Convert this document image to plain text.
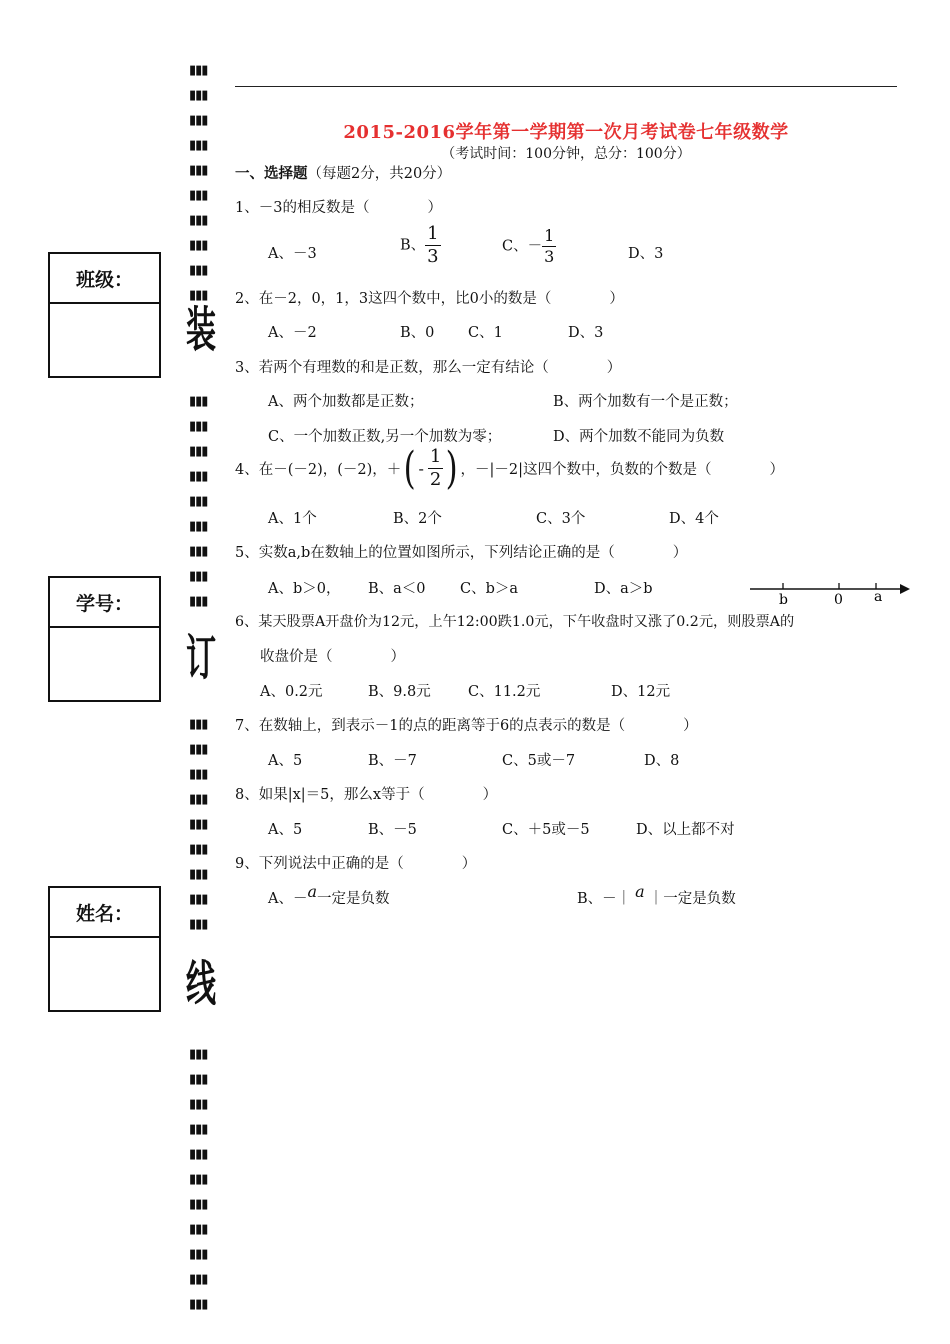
班级：
学号：
姓名：
▮▮▮
▮▮▮
▮▮▮
▮▮▮
▮▮▮
▮▮▮
▮▮▮
▮▮▮
▮▮▮
▮▮▮
装
▮▮▮
▮▮▮
▮▮▮
▮▮▮
▮▮▮
▮▮▮
▮▮▮
▮▮▮
▮▮▮
订
▮▮▮
▮▮▮
▮▮▮
▮▮▮
▮▮▮
▮▮▮
▮▮▮
▮▮▮
▮▮▮
线
▮▮▮
▮▮▮
▮▮▮
▮▮▮
▮▮▮
▮▮▮
▮▮▮
▮▮▮
▮▮▮
▮▮▮
▮▮▮
2015-2016学年第一学期第一次月考试卷七年级数学
（考试时间：100分钟，总分：100分）
一、选择题（每题2分，共20分）
1、－3的相反数是（　　　　）
A、－3
B、 $\frac{1}{3}$	C、－ $\frac{1}{3}$	D、3
2、在－2，0，1，3这四个数中，比0小的数是（　　　　）
A、－2	B、0 C、1	D、3
3、若两个有理数的和是正数，那么一定有结论（　　　　）
A、两个加数都是正数；	B、两个加数有一个是正数；
C、一个加数正数,另一个加数为零；	D、两个加数不能同为负数
4、在－(－2)，(－2)，＋( - $\frac{1}{2}$ ) ，－|－2|这四个数中，负数的个数是（　　　　）
A、1个	B、2个	C、3个	D、4个
5、实数a,b在数轴上的位置如图所示，下列结论正确的是（　　　　）
A、b＞0， B、a＜0 C、b＞a	D、a＞b
b	0 a
6、某天股票A开盘价为12元，上午12:00跌1.0元，下午收盘时又涨了0.2元，则股票A的
收盘价是（　　　　）
A、0.2元	B、9.8元	C、11.2元	D、12元
7、在数轴上，到表示－1的点的距离等于6的点表示的数是（　　　　）
A、5	B、－7	C、5或－7	D、8
8、如果|x|＝5，那么x等于（　　　　）
A、5	B、－5	C、＋5或－5	D、以上都不对
9、下列说法中正确的是（　　　　）
A、－a一定是负数	B、－｜ a ｜一定是负数
